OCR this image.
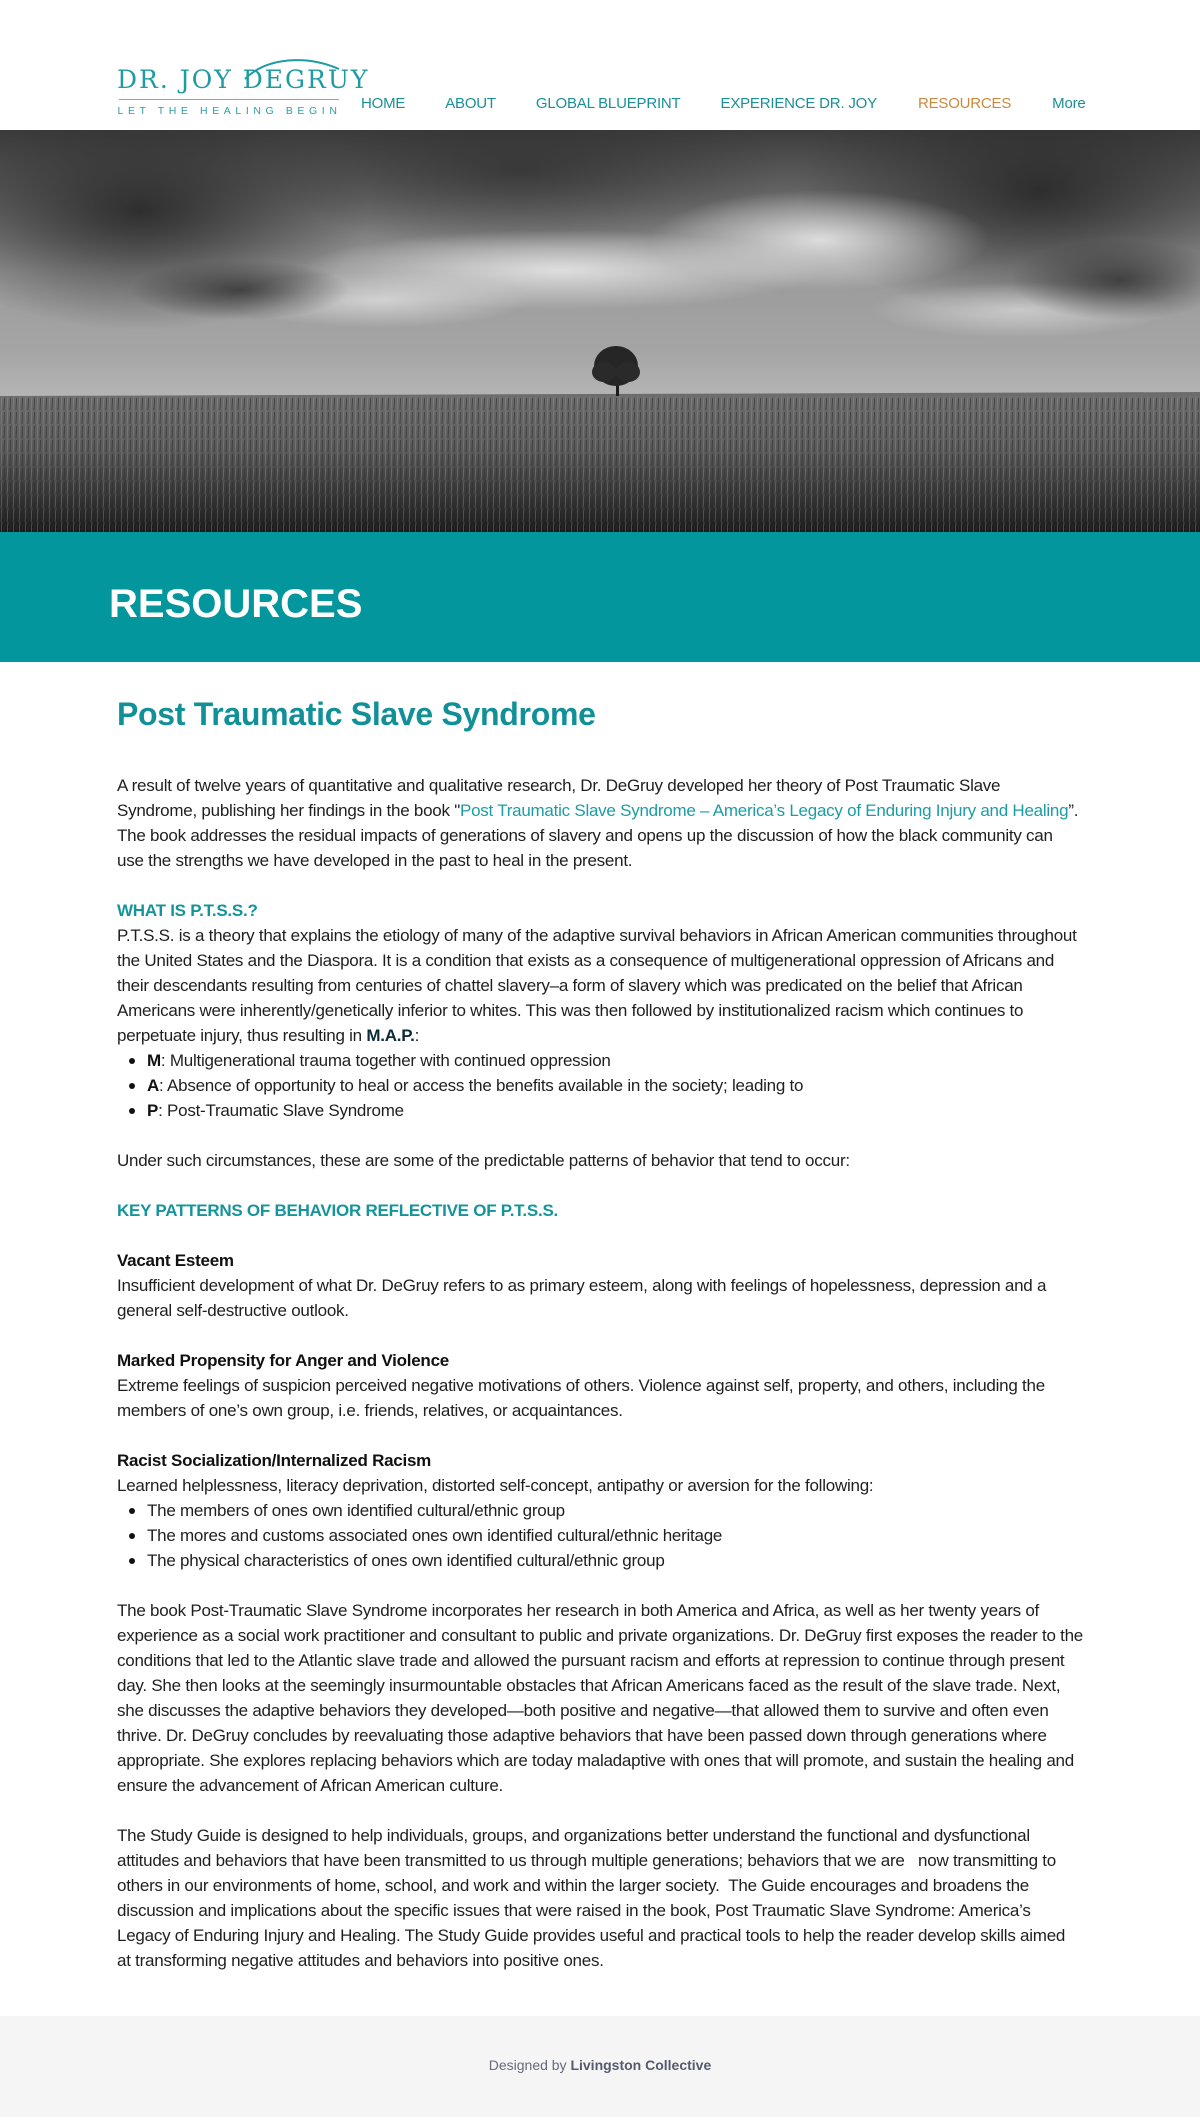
DR. JOY DEGRUY
LET THE HEALING BEGIN HOME	ABOUT	GLOBAL BLUEPRINT	EXPERIENCE DR. JOY	RESOURCES	More
RESOURCES
Post Traumatic Slave Syndrome

A result of twelve years of quantitative and qualitative research, Dr. DeGruy developed her theory of Post Traumatic Slave Syndrome, publishing her findings in the book "Post Traumatic Slave Syndrome – America’s Legacy of Enduring Injury and Healing”. The book addresses the residual impacts of generations of slavery and opens up the discussion of how the black community can use the strengths we have developed in the past to heal in the present.

WHAT IS P.T.S.S.?

P.T.S.S. is a theory that explains the etiology of many of the adaptive survival behaviors in African American communities throughout the United States and the Diaspora. It is a condition that exists as a consequence of multigenerational oppression of Africans and their descendants resulting from centuries of chattel slavery–a form of slavery which was predicated on the belief that African Americans were inherently/genetically inferior to whites. This was then followed by institutionalized racism which continues to perpetuate injury, thus resulting in M.A.P.:

M: Multigenerational trauma together with continued oppression
A: Absence of opportunity to heal or access the benefits available in the society; leading to
P: Post-Traumatic Slave Syndrome

Under such circumstances, these are some of the predictable patterns of behavior that tend to occur:

KEY PATTERNS OF BEHAVIOR REFLECTIVE OF P.T.S.S.
Vacant Esteem

Insufficient development of what Dr. DeGruy refers to as primary esteem, along with feelings of hopelessness, depression and a general self-destructive outlook.

Marked Propensity for Anger and Violence

Extreme feelings of suspicion perceived negative motivations of others. Violence against self, property, and others, including the members of one’s own group, i.e. friends, relatives, or acquaintances.

Racist Socialization/Internalized Racism

Learned helplessness, literacy deprivation, distorted self-concept, antipathy or aversion for the following:

The members of ones own identified cultural/ethnic group
The mores and customs associated ones own identified cultural/ethnic heritage
The physical characteristics of ones own identified cultural/ethnic group

The book Post-Traumatic Slave Syndrome incorporates her research in both America and Africa, as well as her twenty years of experience as a social work practitioner and consultant to public and private organizations. Dr. DeGruy first exposes the reader to the   conditions that led to the Atlantic slave trade and allowed the pursuant racism and efforts at repression to continue through present day. She then looks at the seemingly insurmountable obstacles that African Americans faced as the result of the slave trade. Next, she discusses the adaptive behaviors they developed—both positive and negative—that allowed them to survive and often even thrive. Dr. DeGruy concludes by reevaluating those adaptive behaviors that have been passed down through generations where appropriate. She explores replacing behaviors which are today maladaptive with ones that will promote, and sustain the healing and ensure the advancement of African American culture.

The Study Guide is designed to help individuals, groups, and organizations better understand the functional and dysfunctional attitudes and behaviors that have been transmitted to us through multiple generations; behaviors that we are   now transmitting to others in our environments of home, school, and work and within the larger society.  The Guide encourages and broadens the discussion and implications about the specific issues that were raised in the book, Post Traumatic Slave Syndrome: America’s Legacy of Enduring Injury and Healing. The Study Guide provides useful and practical tools to help the reader develop skills aimed at transforming negative attitudes and behaviors into positive ones.

Designed by Livingston Collective
